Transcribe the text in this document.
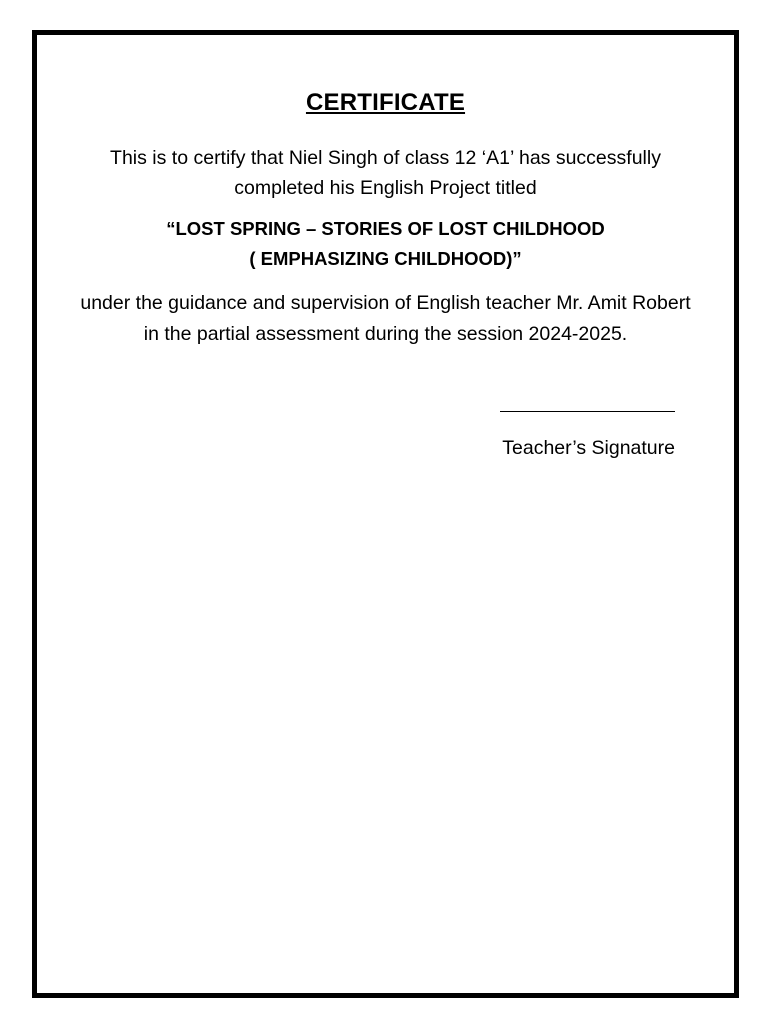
CERTIFICATE
This is to certify that Niel Singh of class 12 ‘A1’ has successfully completed his English Project titled
“LOST SPRING – STORIES OF LOST CHILDHOOD
( EMPHASIZING CHILDHOOD)”
under the guidance and supervision of English teacher Mr. Amit Robert in the partial assessment during the session 2024-2025.
Teacher’s Signature
